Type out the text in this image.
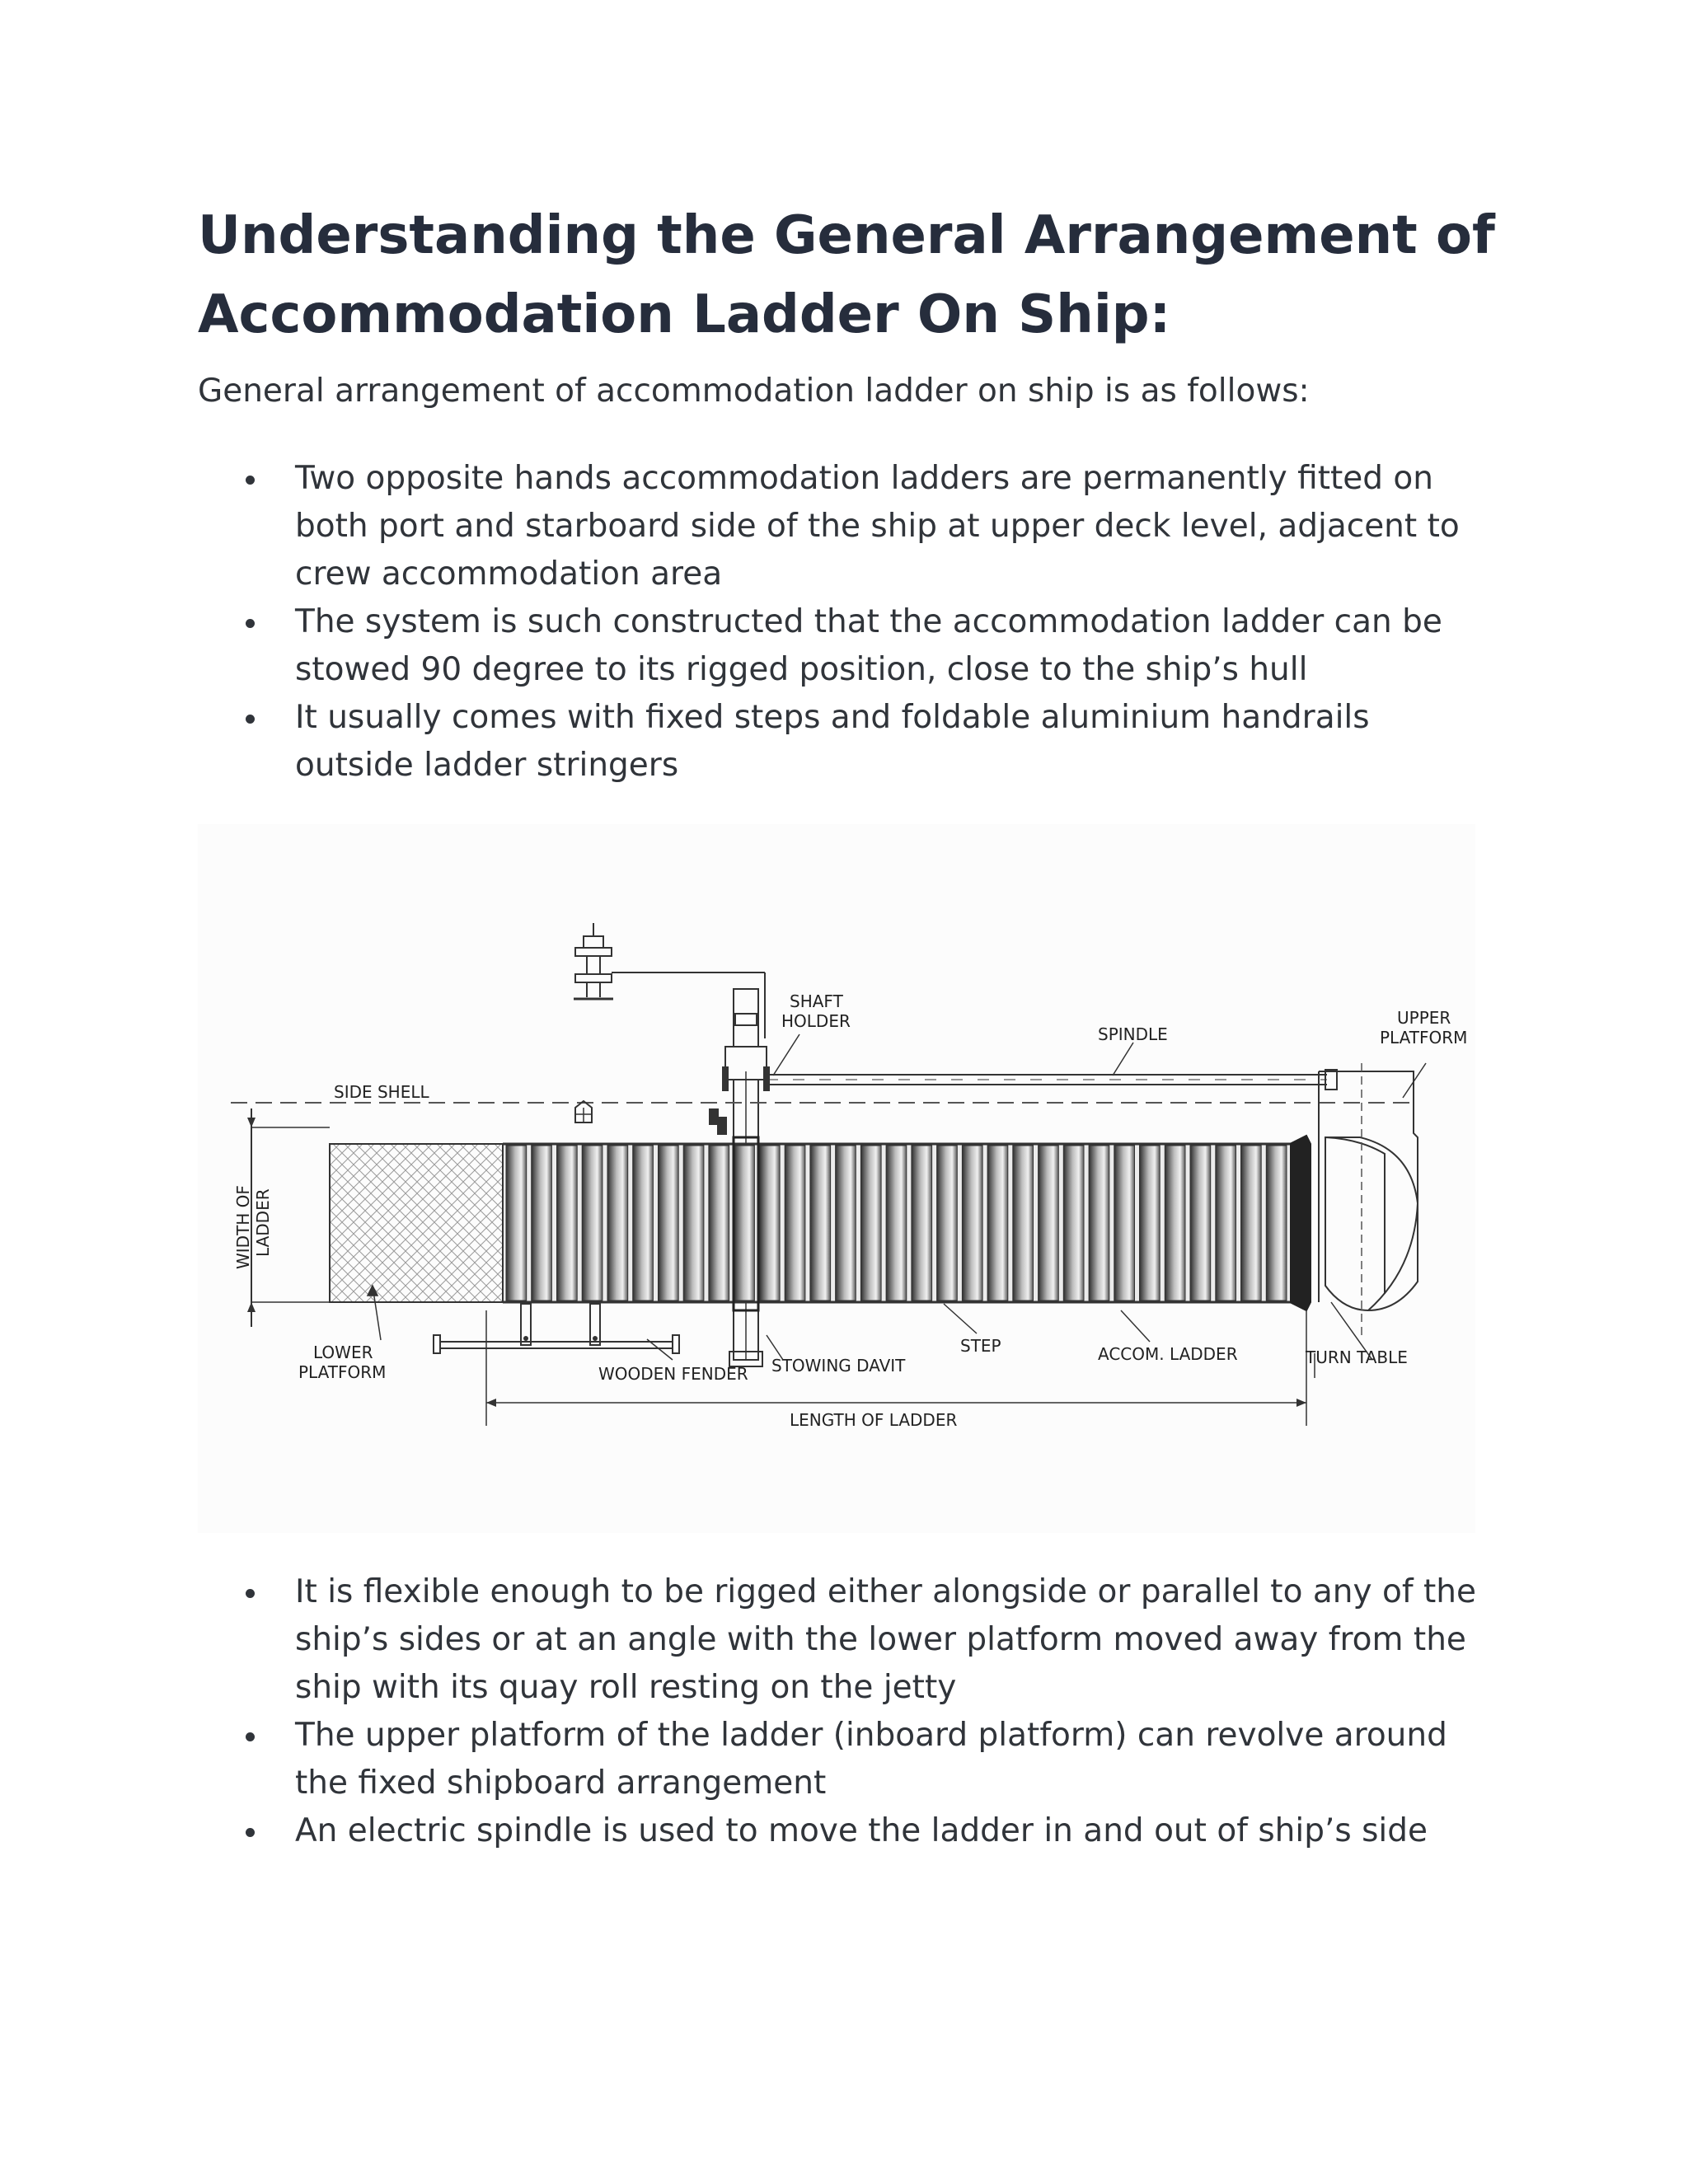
Understanding the General Arrangement of Accommodation Ladder On Ship:

General arrangement of accommodation ladder on ship is as follows:

Two opposite hands accommodation ladders are permanently fitted on both port and starboard side of the ship at upper deck level, adjacent to crew accommodation area
The system is such constructed that the accommodation ladder can be stowed 90 degree to its rigged position, close to the ship’s hull
It usually comes with fixed steps and foldable aluminium handrails outside ladder stringers
SHAFT
HOLDER
SPINDLE
UPPER
PLATFORM
SIDE SHELL
WIDTH OF LADDER
LOWER
PLATFORM	WOODEN FENDER STOWING DAVIT
STEP	ACCOM. LADDER	TURN TABLE
LENGTH OF LADDER
It is flexible enough to be rigged either alongside or parallel to any of the ship’s sides or at an angle with the lower platform moved away from the ship with its quay roll resting on the jetty
The upper platform of the ladder (inboard platform) can revolve around the fixed shipboard arrangement
An electric spindle is used to move the ladder in and out of ship’s side
